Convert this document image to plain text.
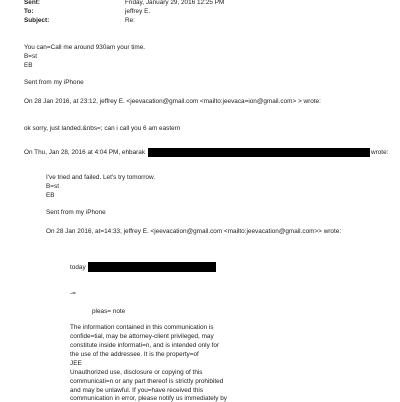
Sent:	Friday, January 29, 2016 12:25 PM
To:	jeffrey E.
Subject:	Re:
You can=Call me around 930am your time.
B=st
EB
Sent from my iPhone
On 28 Jan 2016, at 23:12, jeffrey E. <jeevacation@gmail.com <mailto:jeevaca=ion@gmail.com> > wrote:
ok sorry, just landed.&nbs=; can i call you 6 am eastern
On Thu, Jan 28, 2016 at 4:04 PM, ehbarak	wrote:
I've tried and failed. Let's try tomorrow.
B=st
EB
Sent from my iPhone
On 28 Jan 2016, at=14:33, jeffrey E. <jeevacation@gmail.com <mailto:jeevacation@gmail.com>> wrote:
today
-=
pleas= note
The information contained in this communication is
confide=tial, may be attorney-client privileged, may
constitute inside informati=n, and is intended only for
the use of the addressee. It is the property=of
JEE
Unauthorized use, disclosure or copying of this
communicati=n or any part thereof is strictly prohibited
and may be unlawful. If you=have received this
communication in error, please notify us immediately by
